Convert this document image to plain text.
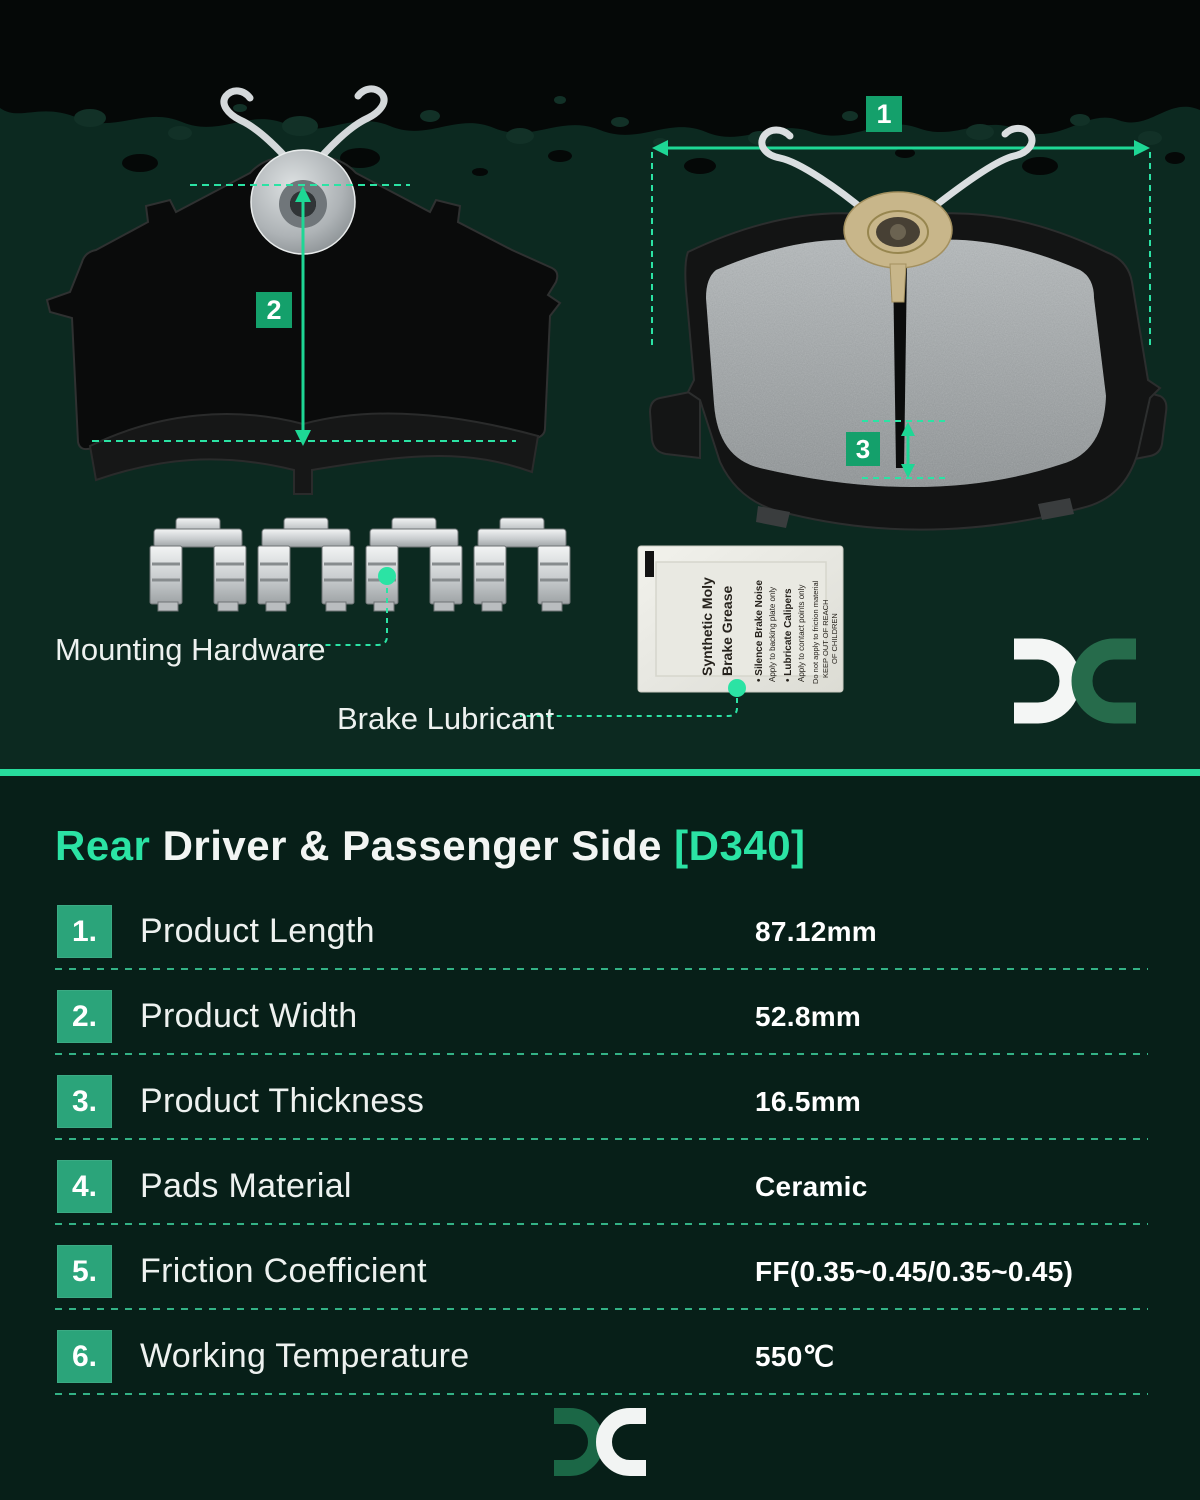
2
1
3
Mounting Hardware	Synthetic Moly Brake Grease • Silence Brake Noise Apply to backing plate only • Lubricate Calipers Apply to contact points only Do not apply to friction material KEEP OUT OF REACH OF CHILDREN
Brake Lubricant
Rear Driver & Passenger Side [D340]
1.	Product Length	87.12mm
2.	Product Width	52.8mm
3.	Product Thickness	16.5mm
4.	Pads Material	Ceramic
5.	Friction Coefficient	FF(0.35~0.45/0.35~0.45)
6.	Working Temperature	550℃
